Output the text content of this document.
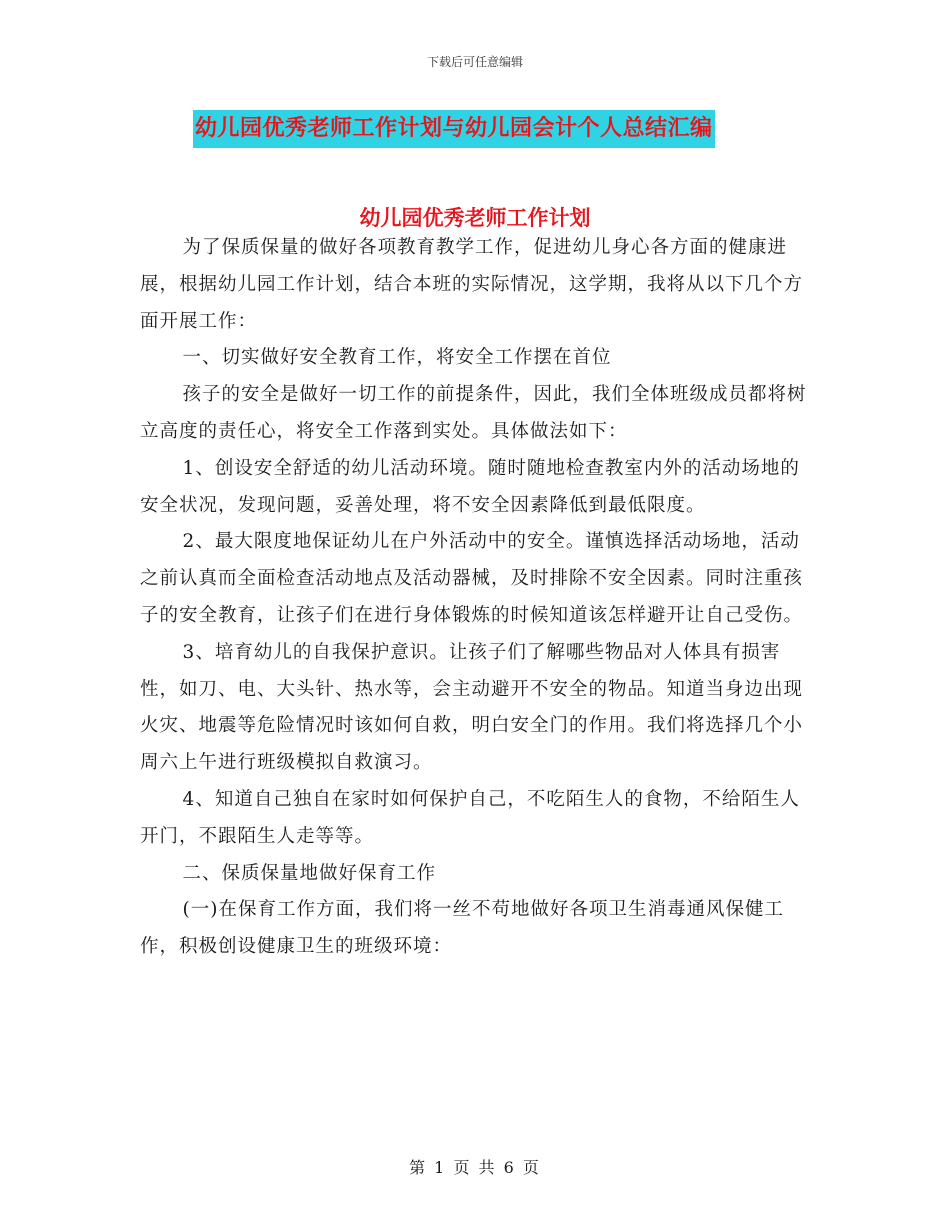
下载后可任意编辑
幼儿园优秀老师工作计划与幼儿园会计个人总结汇编
幼儿园优秀老师工作计划

为了保质保量的做好各项教育教学工作，促进幼儿身心各方面的健康进展，根据幼儿园工作计划，结合本班的实际情况，这学期，我将从以下几个方面开展工作：

一、切实做好安全教育工作，将安全工作摆在首位

孩子的安全是做好一切工作的前提条件，因此，我们全体班级成员都将树立高度的责任心，将安全工作落到实处。具体做法如下：

1、创设安全舒适的幼儿活动环境。随时随地检查教室内外的活动场地的安全状况，发现问题，妥善处理，将不安全因素降低到最低限度。

2、最大限度地保证幼儿在户外活动中的安全。谨慎选择活动场地，活动之前认真而全面检查活动地点及活动器械，及时排除不安全因素。同时注重孩子的安全教育，让孩子们在进行身体锻炼的时候知道该怎样避开让自己受伤。

3、培育幼儿的自我保护意识。让孩子们了解哪些物品对人体具有损害性，如刀、电、大头针、热水等，会主动避开不安全的物品。知道当身边出现火灾、地震等危险情况时该如何自救，明白安全门的作用。我们将选择几个小周六上午进行班级模拟自救演习。

4、知道自己独自在家时如何保护自己，不吃陌生人的食物，不给陌生人开门，不跟陌生人走等等。

二、保质保量地做好保育工作

(一)在保育工作方面，我们将一丝不苟地做好各项卫生消毒通风保健工作，积极创设健康卫生的班级环境：

第 1 页 共 6 页
